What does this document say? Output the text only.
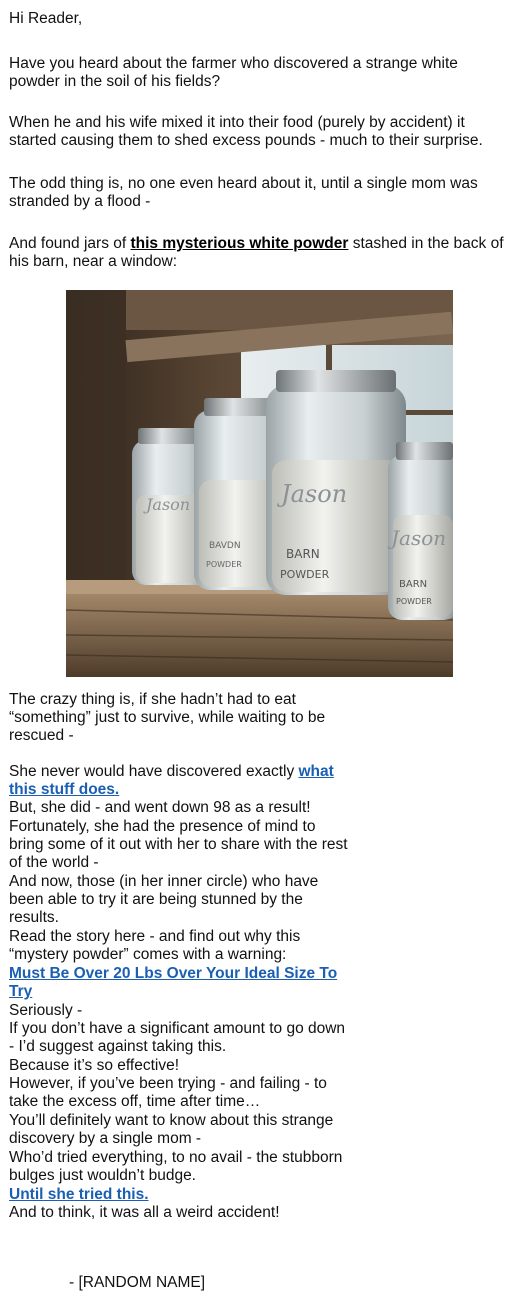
Hi Reader,

Have you heard about the farmer who discovered a strange white powder in the soil of his fields?

When he and his wife mixed it into their food (purely by accident) it started causing them to shed excess pounds - much to their surprise.

The odd thing is, no one even heard about it, until a single mom was stranded by a flood -

And found jars of this mysterious white powder stashed in the back of his barn, near a window:

Jason
BAVDN
POWDER
Jason
BARN
POWDER
Jason
BARN
POWDER

The crazy thing is, if she hadn’t had to eat “something” just to survive, while waiting to be rescued -

She never would have discovered exactly what this stuff does.

But, she did - and went down 98 as a result!

Fortunately, she had the presence of mind to bring some of it out with her to share with the rest of the world -

And now, those (in her inner circle) who have been able to try it are being stunned by the results.

Read the story here - and find out why this “mystery powder” comes with a warning:

Must Be Over 20 Lbs Over Your Ideal Size To Try

Seriously -

If you don’t have a significant amount to go down - I’d suggest against taking this.

Because it’s so effective!

However, if you’ve been trying - and failing - to take the excess off, time after time…

You’ll definitely want to know about this strange discovery by a single mom -

Who’d tried everything, to no avail - the stubborn bulges just wouldn’t budge.

Until she tried this.

And to think, it was all a weird accident!

- [RANDOM NAME]
